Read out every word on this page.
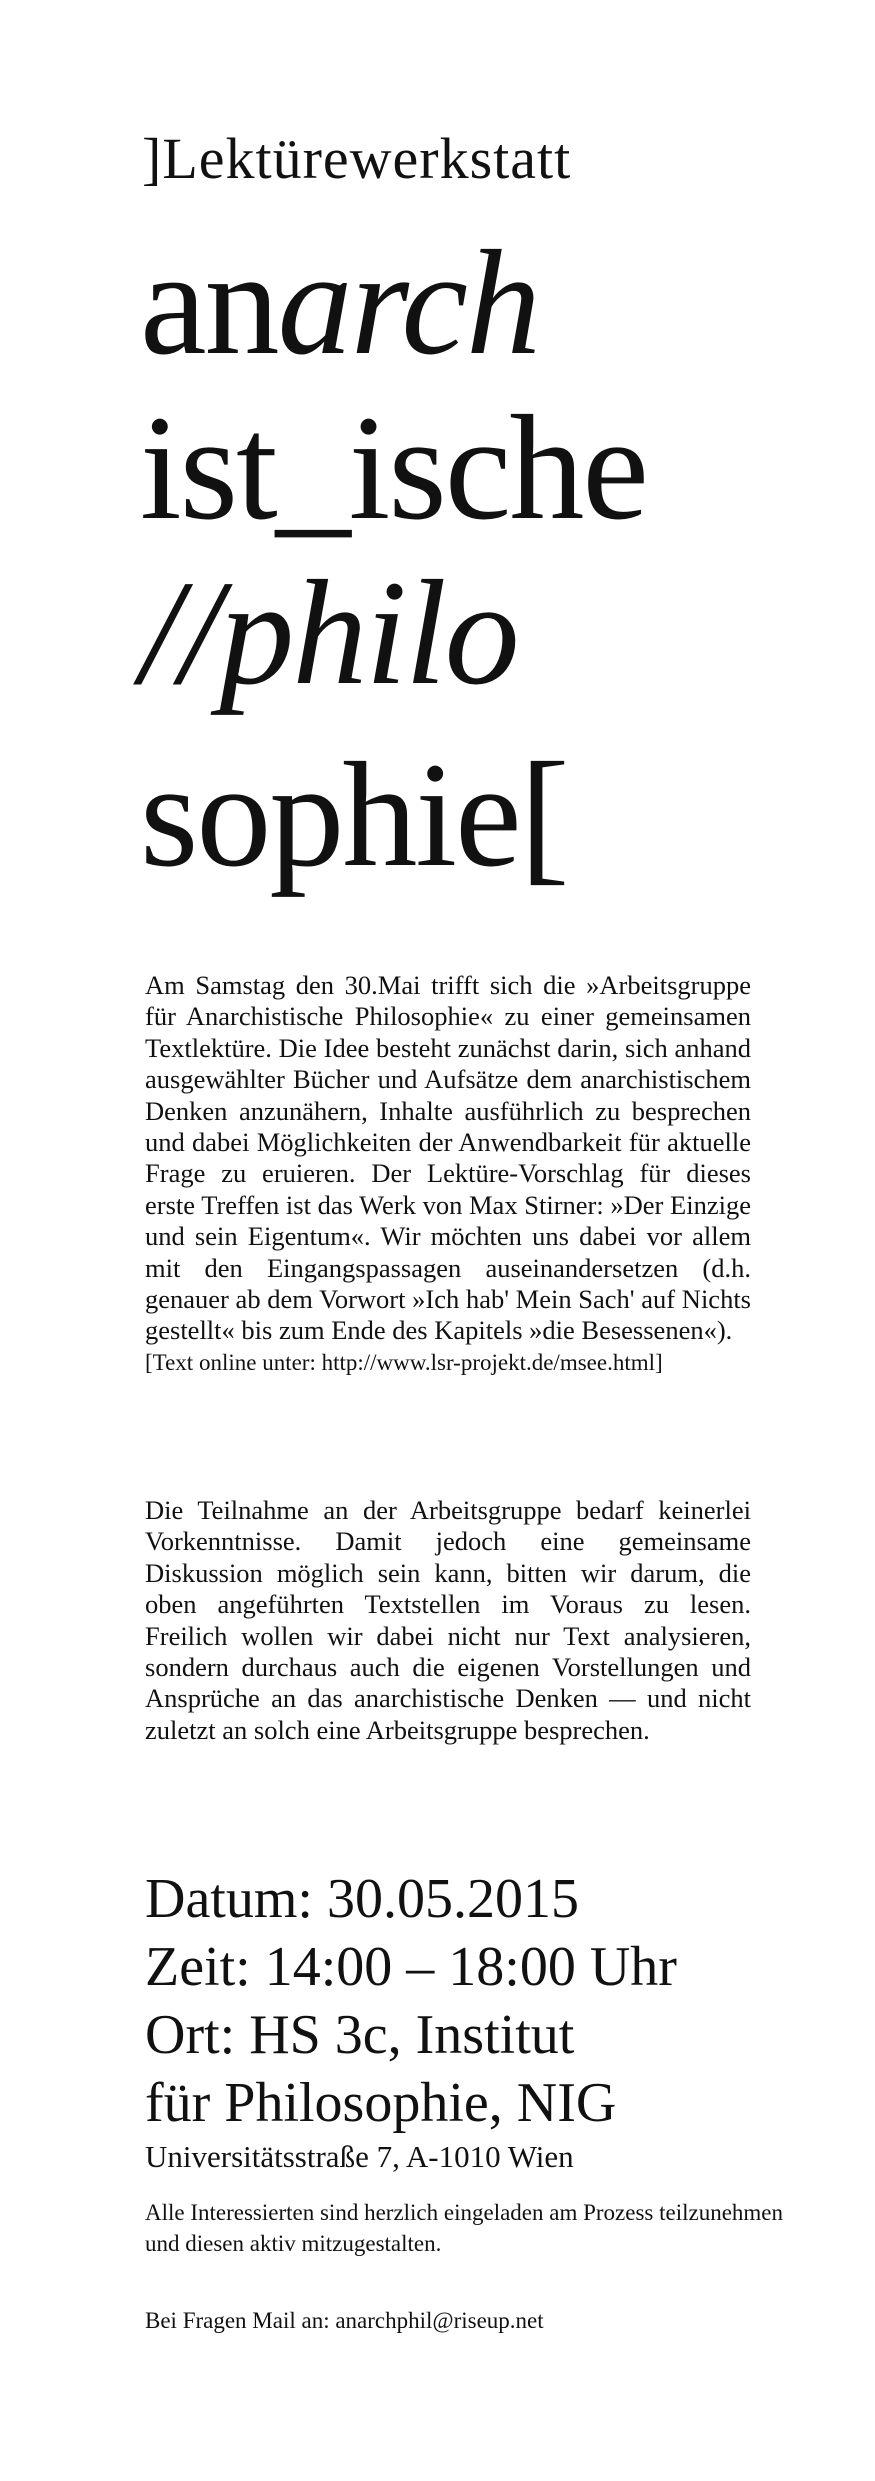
]Lektürewerkstatt
anarch
ist_ische
//philo
sophie[
Am Samstag den 30.Mai trifft sich die »Arbeitsgruppe für Anarchistische Philosophie« zu einer gemeinsamen Textlektüre. Die Idee besteht zunächst darin, sich anhand ausgewählter Bücher und Aufsätze dem anarchistischem Denken anzunähern, Inhalte ausführlich zu besprechen und dabei Möglichkeiten der Anwendbarkeit für aktuelle Frage zu eruieren. Der Lektüre-Vorschlag für dieses erste Treffen ist das Werk von Max Stirner: »Der Einzige und sein Eigentum«. Wir möchten uns dabei vor allem mit den Eingangspassagen auseinandersetzen (d.h. genauer ab dem Vorwort »Ich hab' Mein Sach' auf Nichts gestellt« bis zum Ende des Kapitels »die Besessenen«).
[Text online unter: http://www.lsr-projekt.de/msee.html]
Die Teilnahme an der Arbeitsgruppe bedarf keinerlei Vorkenntnisse. Damit jedoch eine gemeinsame Diskussion möglich sein kann, bitten wir darum, die oben angeführten Textstellen im Voraus zu lesen. Freilich wollen wir dabei nicht nur Text analysieren, sondern durchaus auch die eigenen Vorstellungen und Ansprüche an das anarchistische Denken — und nicht zuletzt an solch eine Arbeitsgruppe besprechen.
Datum: 30.05.2015
Zeit: 14:00 – 18:00 Uhr
Ort: HS 3c, Institut
für Philosophie, NIG
Universitätsstraße 7, A-1010 Wien
Alle Interessierten sind herzlich eingeladen am Prozess teilzunehmen und diesen aktiv mitzugestalten.
Bei Fragen Mail an: anarchphil@riseup.net
